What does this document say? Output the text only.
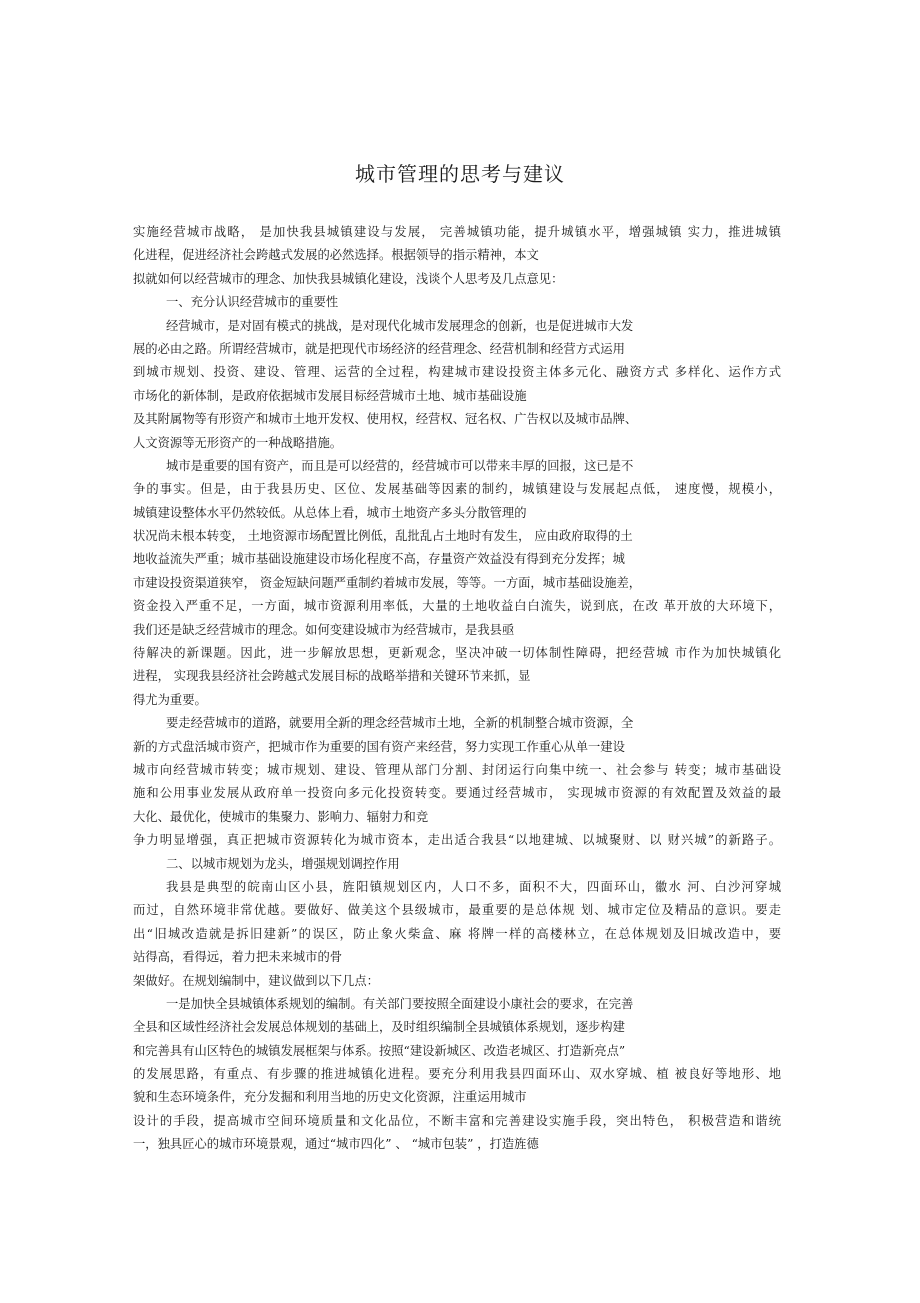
城市管理的思考与建议
实施经营城市战略， 是加快我县城镇建设与发展， 完善城镇功能，提升城镇水平，增强城镇 实力，推进城镇
化进程，促进经济社会跨越式发展的必然选择。根据领导的指示精神，本文
拟就如何以经营城市的理念、加快我县城镇化建设，浅谈个人思考及几点意见：
一、充分认识经营城市的重要性
经营城市，是对固有模式的挑战，是对现代化城市发展理念的创新，也是促进城市大发
展的必由之路。所谓经营城市，就是把现代市场经济的经营理念、经营机制和经营方式运用
到城市规划、投资、建设、管理、运营的全过程，构建城市建设投资主体多元化、融资方式 多样化、运作方式
市场化的新体制，是政府依据城市发展目标经营城市土地、城市基础设施
及其附属物等有形资产和城市土地开发权、使用权，经营权、冠名权、广告权以及城市品牌、
人文资源等无形资产的一种战略措施。
城市是重要的国有资产，而且是可以经营的，经营城市可以带来丰厚的回报，这已是不
争的事实。但是，由于我县历史、区位、发展基础等因素的制约，城镇建设与发展起点低， 速度慢，规模小，
城镇建设整体水平仍然较低。从总体上看，城市土地资产多头分散管理的
状况尚未根本转变， 土地资源市场配置比例低，乱批乱占土地时有发生， 应由政府取得的土
地收益流失严重；城市基础设施建设市场化程度不高，存量资产效益没有得到充分发挥；城
市建设投资渠道狭窄， 资金短缺问题严重制约着城市发展，等等。一方面，城市基础设施差，
资金投入严重不足，一方面，城市资源利用率低，大量的土地收益白白流失，说到底，在改 革开放的大环境下，
我们还是缺乏经营城市的理念。如何变建设城市为经营城市，是我县亟
待解决的新课题。因此，进一步解放思想，更新观念，坚决冲破一切体制性障碍，把经营城 市作为加快城镇化
进程， 实现我县经济社会跨越式发展目标的战略举措和关键环节来抓，显
得尤为重要。
要走经营城市的道路，就要用全新的理念经营城市土地，全新的机制整合城市资源，全
新的方式盘活城市资产，把城市作为重要的国有资产来经营，努力实现工作重心从单一建设
城市向经营城市转变；城市规划、建设、管理从部门分割、封闭运行向集中统一、社会参与 转变；城市基础设
施和公用事业发展从政府单一投资向多元化投资转变。要通过经营城市， 实现城市资源的有效配置及效益的最
大化、最优化，使城市的集聚力、影响力、辐射力和竞
争力明显增强，真正把城市资源转化为城市资本，走出适合我县“以地建城、以城聚财、以 财兴城”的新路子。
二、以城市规划为龙头，增强规划调控作用
我县是典型的皖南山区小县，旌阳镇规划区内，人口不多，面积不大，四面环山，徽水 河、白沙河穿城
而过，自然环境非常优越。要做好、做美这个县级城市，最重要的是总体规 划、城市定位及精品的意识。要走
出“旧城改造就是拆旧建新”的误区，防止象火柴盒、麻 将牌一样的高楼林立，在总体规划及旧城改造中，要
站得高，看得远，着力把未来城市的骨
架做好。在规划编制中，建议做到以下几点：
一是加快全县城镇体系规划的编制。有关部门要按照全面建设小康社会的要求，在完善
全县和区域性经济社会发展总体规划的基础上，及时组织编制全县城镇体系规划，逐步构建
和完善具有山区特色的城镇发展框架与体系。按照“建设新城区、改造老城区、打造新亮点”
的发展思路，有重点、有步骤的推进城镇化进程。要充分利用我县四面环山、双水穿城、植 被良好等地形、地
貌和生态环境条件，充分发掘和利用当地的历史文化资源，注重运用城市
设计的手段，提高城市空间环境质量和文化品位，不断丰富和完善建设实施手段，突出特色， 积极营造和谐统
一，独具匠心的城市环境景观，通过“城市四化” 、 “城市包装” ，打造旌德
